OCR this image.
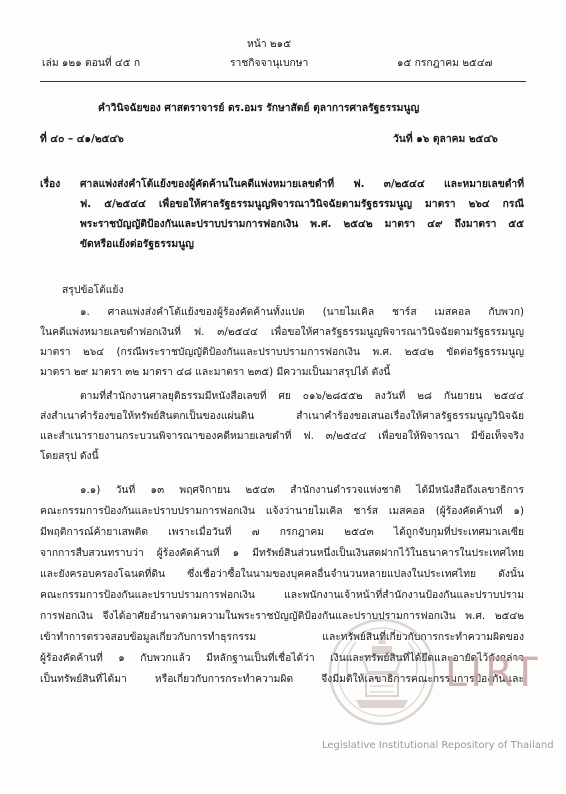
หน้า ๒๑๕
เล่ม ๑๒๑ ตอนที่ ๔๕ ก	ราชกิจจานุเบกษา	๑๕ กรกฎาคม ๒๕๔๗
คำวินิจฉัยของ ศาสตราจารย์ ดร.อมร รักษาสัตย์ ตุลาการศาลรัฐธรรมนูญ
ที่ ๔๐ – ๔๑/๒๕๔๖	วันที่ ๑๖ ตุลาคม ๒๕๔๖
เรื่อง ศาลแพ่งส่งคำโต้แย้งของผู้คัดค้านในคดีแพ่งหมายเลขดำที่ ฟ. ๓/๒๕๔๔ และหมายเลขดำที่
ฟ. ๕/๒๕๔๔ เพื่อขอให้ศาลรัฐธรรมนูญพิจารณาวินิจฉัยตามรัฐธรรมนูญ มาตรา ๒๖๔ กรณี
พระราชบัญญัติป้องกันและปราบปรามการฟอกเงิน พ.ศ. ๒๕๔๒ มาตรา ๔๙ ถึงมาตรา ๕๕
ขัดหรือแย้งต่อรัฐธรรมนูญ
สรุปข้อโต้แย้ง
๑. ศาลแพ่งส่งคำโต้แย้งของผู้ร้องคัดค้านทั้งแปด (นายไมเคิล ชาร์ส เมสคอล กับพวก)
ในคดีแพ่งหมายเลขดำฟอกเงินที่ ฟ. ๓/๒๕๔๔ เพื่อขอให้ศาลรัฐธรรมนูญพิจารณาวินิจฉัยตามรัฐธรรมนูญ
มาตรา ๒๖๔ (กรณีพระราชบัญญัติป้องกันและปราบปรามการฟอกเงิน พ.ศ. ๒๕๔๒ ขัดต่อรัฐธรรมนูญ
มาตรา ๒๙ มาตรา ๓๒ มาตรา ๔๘ และมาตรา ๒๓๕) มีความเป็นมาสรุปได้ ดังนี้
ตามที่สำนักงานศาลยุติธรรมมีหนังสือเลขที่ ศย ๐๑๖/๒๘๕๕๒ ลงวันที่ ๒๘ กันยายน ๒๕๔๔
ส่งสำเนาคำร้องขอให้ทรัพย์สินตกเป็นของแผ่นดิน สำเนาคำร้องขอเสนอเรื่องให้ศาลรัฐธรรมนูญวินิจฉัย
และสำเนารายงานกระบวนพิจารณาของคดีหมายเลขดำที่ ฟ. ๓/๒๕๔๔ เพื่อขอให้พิจารณา มีข้อเท็จจริง
โดยสรุป ดังนี้
๑.๑) วันที่ ๑๓ พฤศจิกายน ๒๕๔๓ สำนักงานตำรวจแห่งชาติ ได้มีหนังสือถึงเลขาธิการ
คณะกรรมการป้องกันและปราบปรามการฟอกเงิน แจ้งว่านายไมเคิล ชาร์ส เมสคอล (ผู้ร้องคัดค้านที่ ๑)
มีพฤติการณ์ค้ายาเสพติด เพราะเมื่อวันที่ ๗ กรกฎาคม ๒๕๔๓ ได้ถูกจับกุมที่ประเทศมาเลเซีย
จากการสืบสวนทราบว่า ผู้ร้องคัดค้านที่ ๑ มีทรัพย์สินส่วนหนึ่งเป็นเงินสดฝากไว้ในธนาคารในประเทศไทย
และยังครอบครองโฉนดที่ดิน ซึ่งเชื่อว่าซื้อในนามของบุคคลอื่นจำนวนหลายแปลงในประเทศไทย ดังนั้น
คณะกรรมการป้องกันและปราบปรามการฟอกเงิน และพนักงานเจ้าหน้าที่สำนักงานป้องกันและปราบปราม
การฟอกเงิน จึงได้อาศัยอำนาจตามความในพระราชบัญญัติป้องกันและปราบปรามการฟอกเงิน พ.ศ. ๒๕๔๒
เข้าทำการตรวจสอบข้อมูลเกี่ยวกับการทำธุรกรรม และทรัพย์สินที่เกี่ยวกับการกระทำความผิดของ
ผู้ร้องคัดค้านที่ ๑ กับพวกแล้ว มีหลักฐานเป็นที่เชื่อได้ว่า เงินและทรัพย์สินที่ได้ยึดและอายัดไว้ดังกล่าว
เป็นทรัพย์สินที่ได้มา หรือเกี่ยวกับการกระทำความผิด จึงมีมติให้เลขาธิการคณะกรรมการป้องกันและ
LIRT
Legislative Institutional Repository of Thailand
